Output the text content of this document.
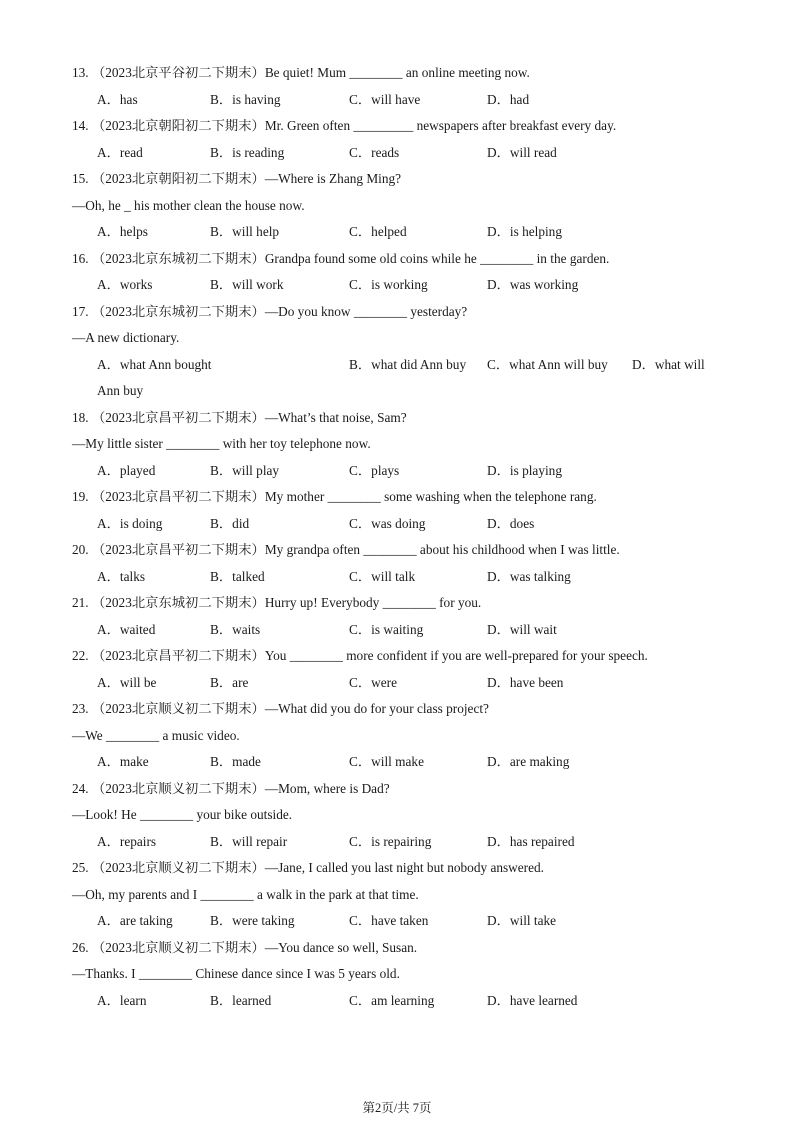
13. （2023北京平谷初二下期末）Be quiet! Mum ________ an online meeting now.
A．has	B．is having	C．will have	D．had
14. （2023北京朝阳初二下期末）Mr. Green often _________ newspapers after breakfast every day.
A．read	B．is reading	C．reads	D．will read
15. （2023北京朝阳初二下期末）—Where is Zhang Ming?
—Oh, he _ his mother clean the house now.
A．helps	B．will help	C．helped	D．is helping
16. （2023北京东城初二下期末）Grandpa found some old coins while he ________ in the garden.
A．works	B．will work	C．is working	D．was working
17. （2023北京东城初二下期末）—Do you know ________ yesterday?
—A new dictionary.
A．what Ann bought	B．what did Ann buy C．what Ann will buy D．what will
Ann buy
18. （2023北京昌平初二下期末）—What’s that noise, Sam?
—My little sister ________ with her toy telephone now.
A．played	B．will play	C．plays	D．is playing
19. （2023北京昌平初二下期末）My mother ________ some washing when the telephone rang.
A．is doing	B．did	C．was doing	D．does
20. （2023北京昌平初二下期末）My grandpa often ________ about his childhood when I was little.
A．talks	B．talked	C．will talk	D．was talking
21. （2023北京东城初二下期末）Hurry up! Everybody ________ for you.
A．waited	B．waits	C．is waiting	D．will wait
22. （2023北京昌平初二下期末）You ________ more confident if you are well-prepared for your speech.
A．will be	B．are	C．were	D．have been
23. （2023北京顺义初二下期末）—What did you do for your class project?
—We ________ a music video.
A．make	B．made	C．will make	D．are making
24. （2023北京顺义初二下期末）—Mom, where is Dad?
—Look! He ________ your bike outside.
A．repairs	B．will repair	C．is repairing	D．has repaired
25. （2023北京顺义初二下期末）—Jane, I called you last night but nobody answered.
—Oh, my parents and I ________ a walk in the park at that time.
A．are taking	B．were taking	C．have taken	D．will take
26. （2023北京顺义初二下期末）—You dance so well, Susan.
—Thanks. I ________ Chinese dance since I was 5 years old.
A．learn	B．learned	C．am learning	D．have learned
第2页/共 7页
